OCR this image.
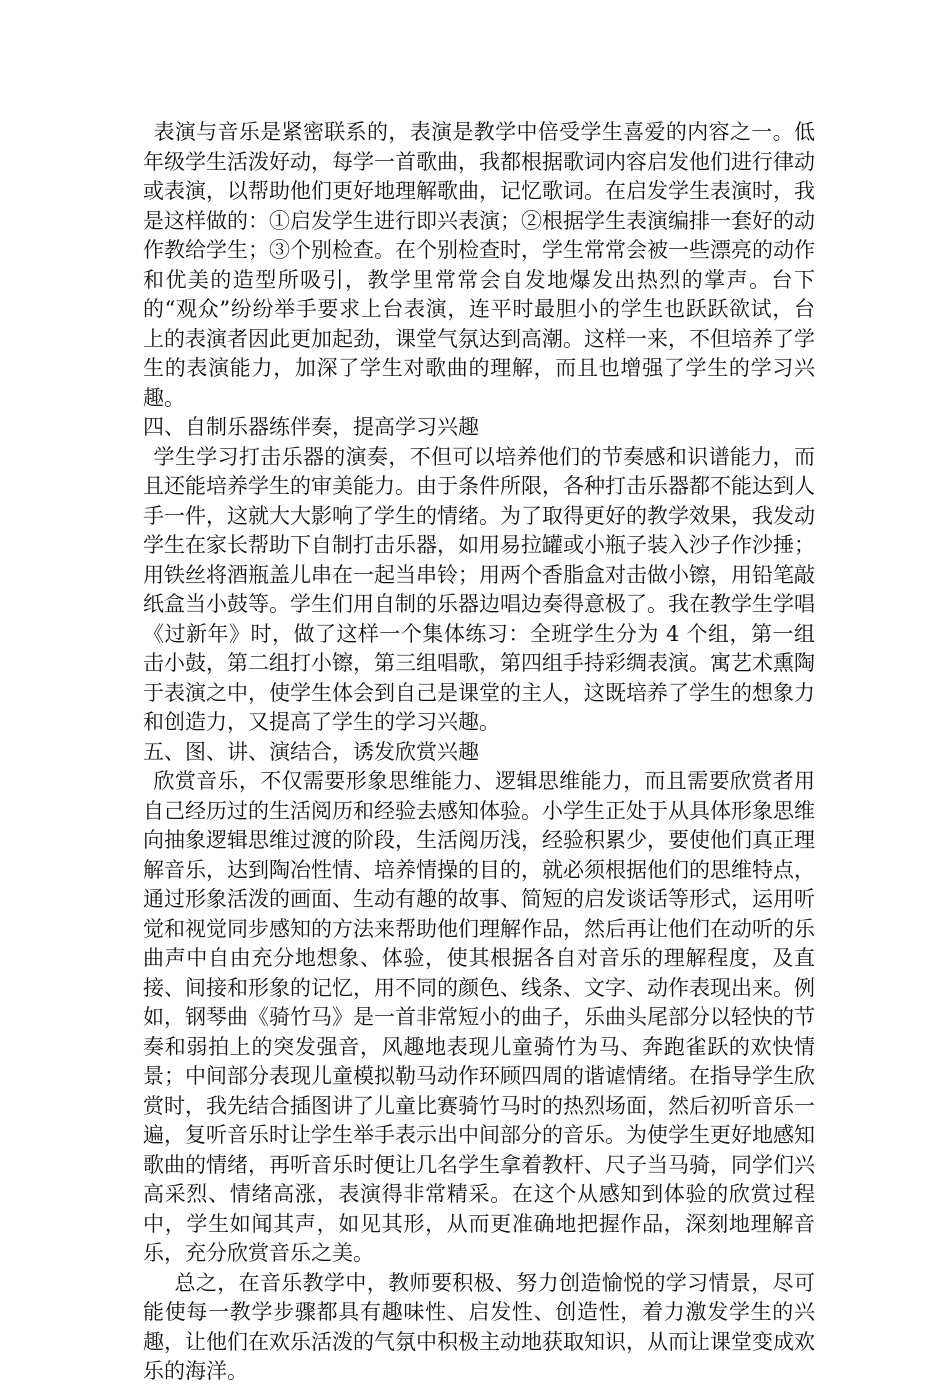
表演与音乐是紧密联系的，表演是教学中倍受学生喜爱的内容之一。低年级学生活泼好动，每学一首歌曲，我都根据歌词内容启发他们进行律动或表演，以帮助他们更好地理解歌曲，记忆歌词。在启发学生表演时，我是这样做的：①启发学生进行即兴表演；②根据学生表演编排一套好的动作教给学生；③个别检查。在个别检查时，学生常常会被一些漂亮的动作和优美的造型所吸引，教学里常常会自发地爆发出热烈的掌声。台下的“观众”纷纷举手要求上台表演，连平时最胆小的学生也跃跃欲试，台上的表演者因此更加起劲，课堂气氛达到高潮。这样一来，不但培养了学生的表演能力，加深了学生对歌曲的理解，而且也增强了学生的学习兴趣。

四、自制乐器练伴奏，提高学习兴趣

学生学习打击乐器的演奏，不但可以培养他们的节奏感和识谱能力，而且还能培养学生的审美能力。由于条件所限，各种打击乐器都不能达到人手一件，这就大大影响了学生的情绪。为了取得更好的教学效果，我发动学生在家长帮助下自制打击乐器，如用易拉罐或小瓶子装入沙子作沙捶；用铁丝将酒瓶盖儿串在一起当串铃；用两个香脂盒对击做小镲，用铅笔敲纸盒当小鼓等。学生们用自制的乐器边唱边奏得意极了。我在教学生学唱《过新年》时，做了这样一个集体练习：全班学生分为 4 个组，第一组击小鼓，第二组打小镲，第三组唱歌，第四组手持彩绸表演。寓艺术熏陶于表演之中，使学生体会到自己是课堂的主人，这既培养了学生的想象力和创造力，又提高了学生的学习兴趣。

五、图、讲、演结合，诱发欣赏兴趣

欣赏音乐，不仅需要形象思维能力、逻辑思维能力，而且需要欣赏者用自己经历过的生活阅历和经验去感知体验。小学生正处于从具体形象思维向抽象逻辑思维过渡的阶段，生活阅历浅，经验积累少，要使他们真正理解音乐，达到陶冶性情、培养情操的目的，就必须根据他们的思维特点，通过形象活泼的画面、生动有趣的故事、简短的启发谈话等形式，运用听觉和视觉同步感知的方法来帮助他们理解作品，然后再让他们在动听的乐曲声中自由充分地想象、体验，使其根据各自对音乐的理解程度，及直接、间接和形象的记忆，用不同的颜色、线条、文字、动作表现出来。例如，钢琴曲《骑竹马》是一首非常短小的曲子，乐曲头尾部分以轻快的节奏和弱拍上的突发强音，风趣地表现儿童骑竹为马、奔跑雀跃的欢快情景；中间部分表现儿童模拟勒马动作环顾四周的谐谑情绪。在指导学生欣赏时，我先结合插图讲了儿童比赛骑竹马时的热烈场面，然后初听音乐一遍，复听音乐时让学生举手表示出中间部分的音乐。为使学生更好地感知歌曲的情绪，再听音乐时便让几名学生拿着教杆、尺子当马骑，同学们兴高采烈、情绪高涨，表演得非常精采。在这个从感知到体验的欣赏过程中，学生如闻其声，如见其形，从而更准确地把握作品，深刻地理解音乐，充分欣赏音乐之美。

总之，在音乐教学中，教师要积极、努力创造愉悦的学习情景，尽可能使每一教学步骤都具有趣味性、启发性、创造性，着力激发学生的兴趣，让他们在欢乐活泼的气氛中积极主动地获取知识，从而让课堂变成欢乐的海洋。
